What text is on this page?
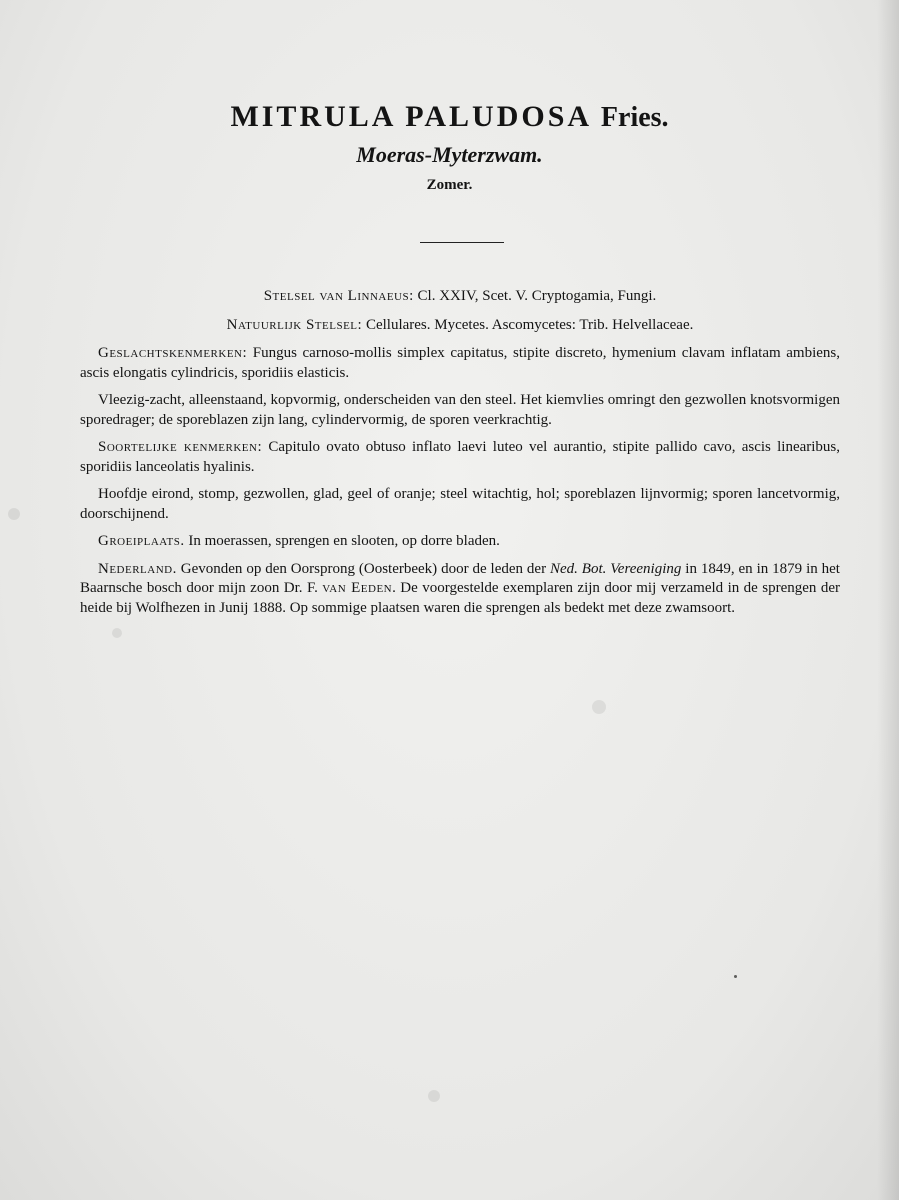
MITRULA PALUDOSA Fries.
Moeras-Myterzwam.
Zomer.
Stelsel van Linnaeus: Cl. XXIV, Scet. V. Cryptogamia, Fungi.
Natuurlijk Stelsel: Cellulares. Mycetes. Ascomycetes: Trib. Helvellaceae.

Geslachtskenmerken: Fungus carnoso-mollis simplex capitatus, stipite discreto, hymenium clavam inflatam ambiens, ascis elongatis cylindricis, sporidiis elasticis.

Vleezig-zacht, alleenstaand, kopvormig, onderscheiden van den steel. Het kiemvlies omringt den gezwollen knotsvormigen sporedrager; de sporeblazen zijn lang, cylindervormig, de sporen veerkrachtig.

Soortelijke kenmerken: Capitulo ovato obtuso inflato laevi luteo vel aurantio, stipite pallido cavo, ascis linearibus, sporidiis lanceolatis hyalinis.

Hoofdje eirond, stomp, gezwollen, glad, geel of oranje; steel witachtig, hol; sporeblazen lijnvormig; sporen lancetvormig, doorschijnend.

Groeiplaats. In moerassen, sprengen en slooten, op dorre bladen.

Nederland. Gevonden op den Oorsprong (Oosterbeek) door de leden der Ned. Bot. Vereeniging in 1849, en in 1879 in het Baarnsche bosch door mijn zoon Dr. F. van Eeden. De voorgestelde exemplaren zijn door mij verzameld in de sprengen der heide bij Wolfhezen in Junij 1888. Op sommige plaatsen waren die sprengen als bedekt met deze zwamsoort.
